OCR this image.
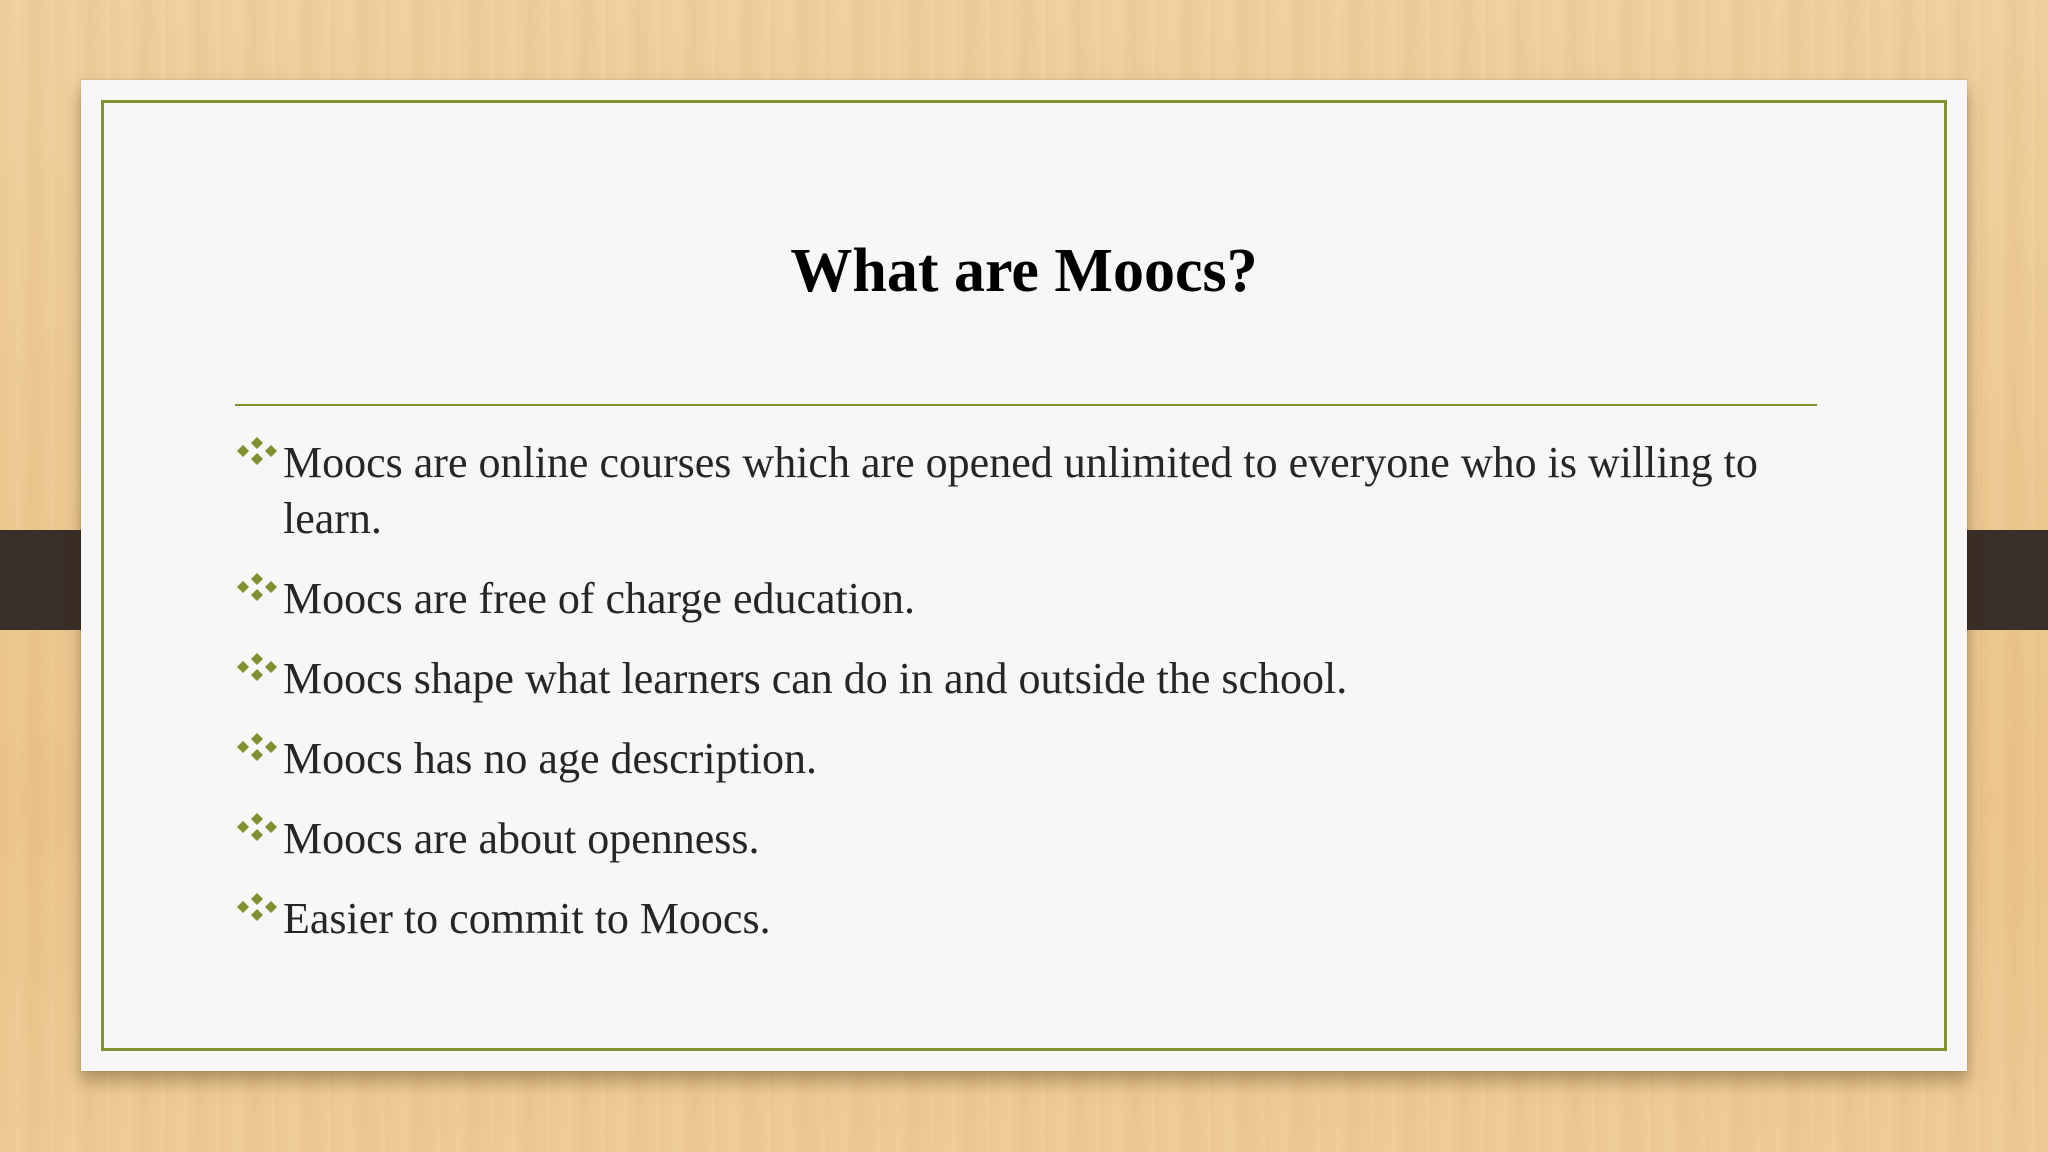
What are Moocs?
Moocs are online courses which are opened unlimited to everyone who is willing to learn.
Moocs are free of charge education.
Moocs shape what learners can do in and outside the school.
Moocs has no age description.
Moocs are about openness.
Easier to commit to Moocs.
